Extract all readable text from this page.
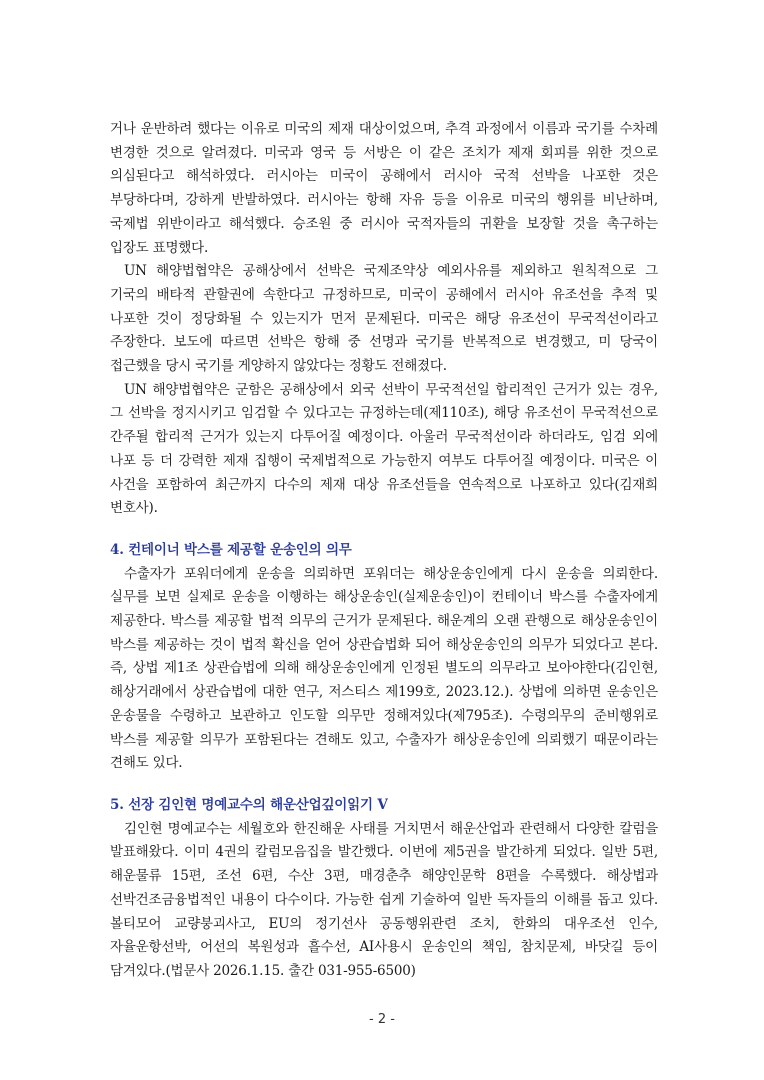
거나 운반하려 했다는 이유로 미국의 제재 대상이었으며, 추격 과정에서 이름과 국기를 수차례 변경한 것으로 알려졌다. 미국과 영국 등 서방은 이 같은 조치가 제재 회피를 위한 것으로 의심된다고 해석하였다. 러시아는 미국이 공해에서 러시아 국적 선박을 나포한 것은 부당하다며, 강하게 반발하였다. 러시아는 항해 자유 등을 이유로 미국의 행위를 비난하며, 국제법 위반이라고 해석했다. 승조원 중 러시아 국적자들의 귀환을 보장할 것을 촉구하는 입장도 표명했다.

UN 해양법협약은 공해상에서 선박은 국제조약상 예외사유를 제외하고 원칙적으로 그 기국의 배타적 관할권에 속한다고 규정하므로, 미국이 공해에서 러시아 유조선을 추적 및 나포한 것이 정당화될 수 있는지가 먼저 문제된다. 미국은 해당 유조선이 무국적선이라고 주장한다. 보도에 따르면 선박은 항해 중 선명과 국기를 반복적으로 변경했고, 미 당국이 접근했을 당시 국기를 게양하지 않았다는 정황도 전해졌다.

UN 해양법협약은 군함은 공해상에서 외국 선박이 무국적선일 합리적인 근거가 있는 경우, 그 선박을 정지시키고 임검할 수 있다고는 규정하는데(제110조), 해당 유조선이 무국적선으로 간주될 합리적 근거가 있는지 다투어질 예정이다. 아울러 무국적선이라 하더라도, 임검 외에 나포 등 더 강력한 제재 집행이 국제법적으로 가능한지 여부도 다투어질 예정이다. 미국은 이 사건을 포함하여 최근까지 다수의 제재 대상 유조선들을 연속적으로 나포하고 있다(김재희 변호사).

4. 컨테이너 박스를 제공할 운송인의 의무

수출자가 포워더에게 운송을 의뢰하면 포워더는 해상운송인에게 다시 운송을 의뢰한다. 실무를 보면 실제로 운송을 이행하는 해상운송인(실제운송인)이 컨테이너 박스를 수출자에게 제공한다. 박스를 제공할 법적 의무의 근거가 문제된다. 해운계의 오랜 관행으로 해상운송인이 박스를 제공하는 것이 법적 확신을 얻어 상관습법화 되어 해상운송인의 의무가 되었다고 본다. 즉, 상법 제1조 상관습법에 의해 해상운송인에게 인정된 별도의 의무라고 보아야한다(김인현, 해상거래에서 상관습법에 대한 연구, 저스티스 제199호, 2023.12.). 상법에 의하면 운송인은 운송물을 수령하고 보관하고 인도할 의무만 정해져있다(제795조). 수령의무의 준비행위로 박스를 제공할 의무가 포함된다는 견해도 있고, 수출자가 해상운송인에 의뢰했기 때문이라는 견해도 있다.

5. 선장 김인현 명예교수의 해운산업깊이읽기 V

김인현 명예교수는 세월호와 한진해운 사태를 거치면서 해운산업과 관련해서 다양한 칼럼을 발표해왔다. 이미 4권의 칼럼모음집을 발간했다. 이번에 제5권을 발간하게 되었다. 일반 5편, 해운물류 15편, 조선 6편, 수산 3편, 매경춘추 해양인문학 8편을 수록했다. 해상법과 선박건조금융법적인 내용이 다수이다. 가능한 쉽게 기술하여 일반 독자들의 이해를 돕고 있다. 볼티모어 교량붕괴사고, EU의 정기선사 공동행위관련 조치, 한화의 대우조선 인수, 자율운항선박, 어선의 복원성과 흘수선, AI사용시 운송인의 책임, 참치문제, 바닷길 등이 담겨있다.(법문사 2026.1.15. 출간 031-955-6500)

- 2 -
